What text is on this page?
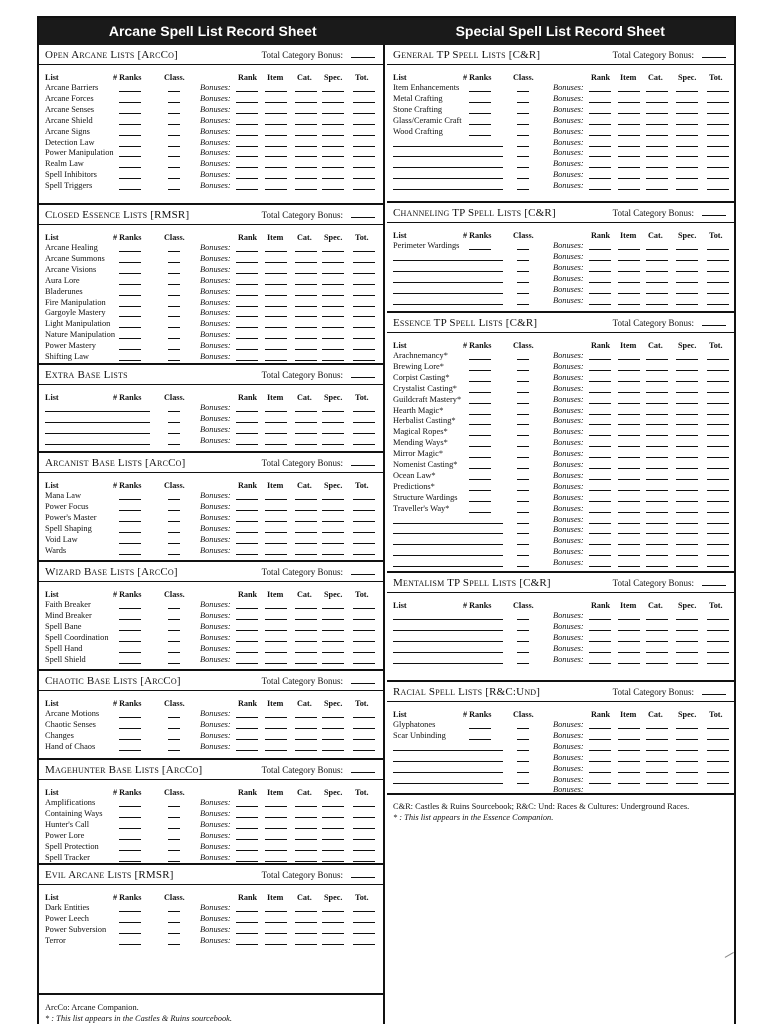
Arcane Spell List Record Sheet	Special Spell List Record Sheet
Open Arcane Lists [ArcCo]	Total Category Bonus:
List	# Ranks	Class.	Rank Item Cat. Spec. Tot.
Arcane Barriers	Bonuses:
Arcane Forces	Bonuses:
Arcane Senses	Bonuses:
Arcane Shield	Bonuses:
Arcane Signs	Bonuses:
Detection Law	Bonuses:
Power Manipulation	Bonuses:
Realm Law	Bonuses:
Spell Inhibitors	Bonuses:
Spell Triggers	Bonuses:
Closed Essence Lists [RMSR]	Total Category Bonus:
List	# Ranks	Class.	Rank Item Cat. Spec. Tot.
Arcane Healing	Bonuses:
Arcane Summons	Bonuses:
Arcane Visions	Bonuses:
Aura Lore	Bonuses:
Bladerunes	Bonuses:
Fire Manipulation	Bonuses:
Gargoyle Mastery	Bonuses:
Light Manipulation	Bonuses:
Nature Manipulation	Bonuses:
Power Mastery	Bonuses:
Shifting Law	Bonuses:
Extra Base Lists	Total Category Bonus:
List	# Ranks	Class.	Rank Item Cat. Spec. Tot.
Bonuses:
Bonuses:
Bonuses:
Bonuses:
Arcanist Base Lists [ArcCo]	Total Category Bonus:
List	# Ranks	Class.	Rank Item Cat. Spec. Tot.
Mana Law	Bonuses:
Power Focus	Bonuses:
Power's Master	Bonuses:
Spell Shaping	Bonuses:
Void Law	Bonuses:
Wards	Bonuses:
Wizard Base Lists [ArcCo]	Total Category Bonus:
List	# Ranks	Class.	Rank Item Cat. Spec. Tot.
Faith Breaker	Bonuses:
Mind Breaker	Bonuses:
Spell Bane	Bonuses:
Spell Coordination	Bonuses:
Spell Hand	Bonuses:
Spell Shield	Bonuses:
Chaotic Base Lists [ArcCo]	Total Category Bonus:
List	# Ranks	Class.	Rank Item Cat. Spec. Tot.
Arcane Motions	Bonuses:
Chaotic Senses	Bonuses:
Changes	Bonuses:
Hand of Chaos	Bonuses:
Magehunter Base Lists [ArcCo]	Total Category Bonus:
List	# Ranks	Class.	Rank Item Cat. Spec. Tot.
Amplifications	Bonuses:
Containing Ways	Bonuses:
Hunter's Call	Bonuses:
Power Lore	Bonuses:
Spell Protection	Bonuses:
Spell Tracker	Bonuses:
Evil Arcane Lists [RMSR]	Total Category Bonus:
List	# Ranks	Class.	Rank Item Cat. Spec. Tot.
Dark Entities	Bonuses:
Power Leech	Bonuses:
Power Subversion	Bonuses:
Terror	Bonuses:
ArcCo: Arcane Companion.
* : This list appears in the Castles & Ruins sourcebook.
General TP Spell Lists [C&R]	Total Category Bonus:
List	# Ranks	Class.	Rank Item Cat. Spec. Tot.
Item Enhancements	Bonuses:
Metal Crafting	Bonuses:
Stone Crafting	Bonuses:
Glass/Ceramic Craft	Bonuses:
Wood Crafting	Bonuses:
Bonuses:
Bonuses:
Bonuses:
Bonuses:
Bonuses:
Channeling TP Spell Lists [C&R]	Total Category Bonus:
List	# Ranks	Class.	Rank Item Cat. Spec. Tot.
Perimeter Wardings	Bonuses:
Bonuses:
Bonuses:
Bonuses:
Bonuses:
Bonuses:
Essence TP Spell Lists [C&R]	Total Category Bonus:
List	# Ranks	Class.	Rank Item Cat. Spec. Tot.
Arachnemancy*	Bonuses:
Brewing Lore*	Bonuses:
Corpist Casting*	Bonuses:
Crystalist Casting*	Bonuses:
Guildcraft Mastery*	Bonuses:
Hearth Magic*	Bonuses:
Herbalist Casting*	Bonuses:
Magical Ropes*	Bonuses:
Mending Ways*	Bonuses:
Mirror Magic*	Bonuses:
Nomenist Casting*	Bonuses:
Ocean Law*	Bonuses:
Predictions*	Bonuses:
Structure Wardings	Bonuses:
Traveller's Way*	Bonuses:
Bonuses:
Bonuses:
Bonuses:
Bonuses:
Bonuses:
Mentalism TP Spell Lists [C&R]	Total Category Bonus:
List	# Ranks	Class.	Rank Item Cat. Spec. Tot.
Bonuses:
Bonuses:
Bonuses:
Bonuses:
Bonuses:
Racial Spell Lists [R&C:Und]	Total Category Bonus:
List	# Ranks	Class.	Rank Item Cat. Spec. Tot.
Glyphatones	Bonuses:
Scar Unbinding	Bonuses:
Bonuses:
Bonuses:
Bonuses:
Bonuses:
Bonuses:
C&R: Castles & Ruins Sourcebook; R&C: Und: Races & Cultures: Underground Races.
* : This list appears in the Essence Companion.
